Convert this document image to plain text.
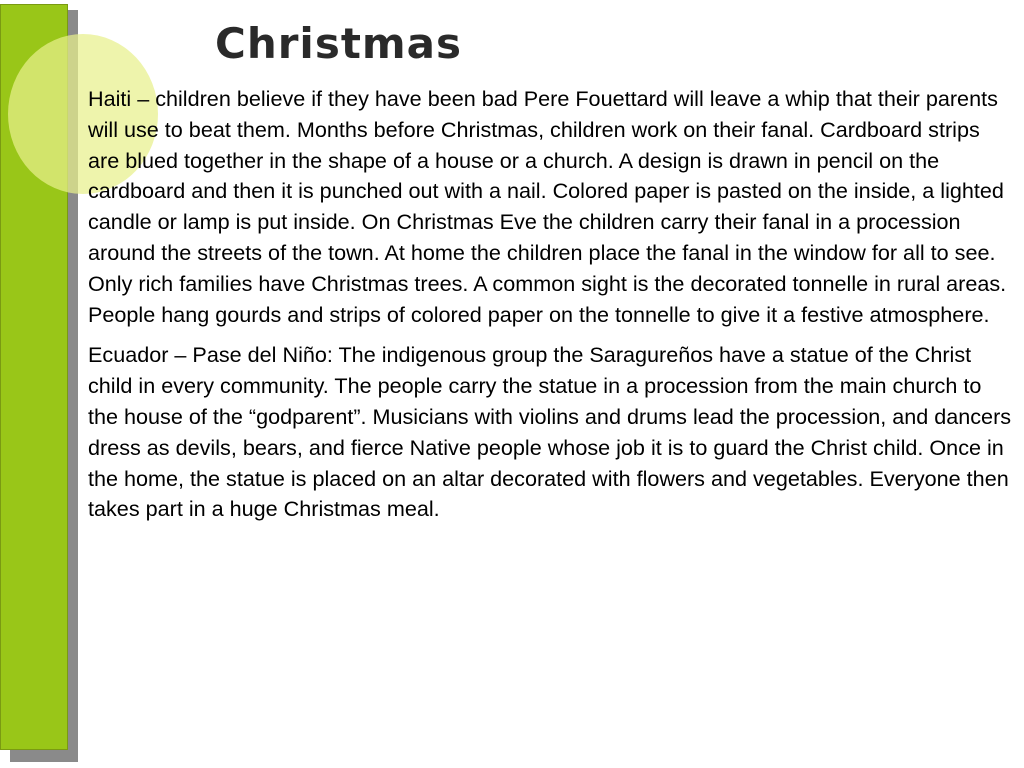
Christmas

Haiti – children believe if they have been bad Pere Fouettard will leave a whip that their parents will use to beat them. Months before Christmas, children work on their fanal. Cardboard strips are blued together in the shape of a house or a church. A design is drawn in pencil on the cardboard and then it is punched out with a nail. Colored paper is pasted on the inside, a lighted candle or lamp is put inside. On Christmas Eve the children carry their fanal in a procession around the streets of the town. At home the children place the fanal in the window for all to see. Only rich families have Christmas trees. A common sight is the decorated tonnelle in rural areas. People hang gourds and strips of colored paper on the tonnelle to give it a festive atmosphere.

Ecuador – Pase del Niño: The indigenous group the Saragureños have a statue of the Christ child in every community. The people carry the statue in a procession from the main church to the house of the “godparent”. Musicians with violins and drums lead the procession, and dancers dress as devils, bears, and fierce Native people whose job it is to guard the Christ child. Once in the home, the statue is placed on an altar decorated with flowers and vegetables. Everyone then takes part in a huge Christmas meal.
